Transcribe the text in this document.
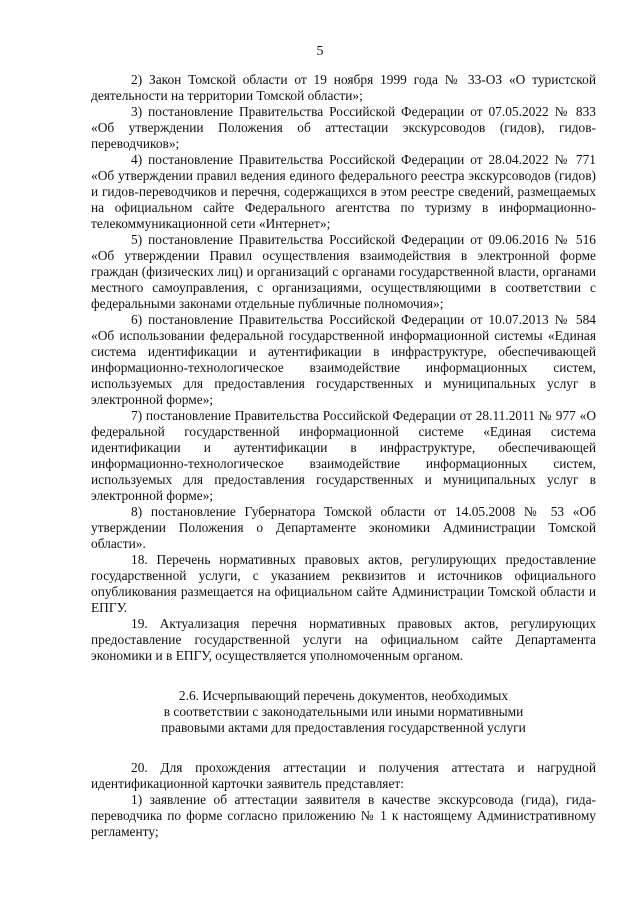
5

2) Закон Томской области от 19 ноября 1999 года № 33-ОЗ «О туристской деятельности на территории Томской области»;

3) постановление Правительства Российской Федерации от 07.05.2022 № 833 «Об утверждении Положения об аттестации экскурсоводов (гидов), гидов-переводчиков»;

4) постановление Правительства Российской Федерации от 28.04.2022 № 771 «Об утверждении правил ведения единого федерального реестра экскурсоводов (гидов) и гидов-переводчиков и перечня, содержащихся в этом реестре сведений, размещаемых на официальном сайте Федерального агентства по туризму в информационно-телекоммуникационной сети «Интернет»;

5) постановление Правительства Российской Федерации от 09.06.2016 № 516 «Об утверждении Правил осуществления взаимодействия в электронной форме граждан (физических лиц) и организаций с органами государственной власти, органами местного самоуправления, с организациями, осуществляющими в соответствии с федеральными законами отдельные публичные полномочия»;

6) постановление Правительства Российской Федерации от 10.07.2013 № 584 «Об использовании федеральной государственной информационной системы «Единая система идентификации и аутентификации в инфраструктуре, обеспечивающей информационно-технологическое взаимодействие информационных систем, используемых для предоставления государственных и муниципальных услуг в электронной форме»;

7) постановление Правительства Российской Федерации от 28.11.2011 № 977 «О федеральной государственной информационной системе «Единая система идентификации и аутентификации в инфраструктуре, обеспечивающей информационно-технологическое взаимодействие информационных систем, используемых для предоставления государственных и муниципальных услуг в электронной форме»;

8) постановление Губернатора Томской области от 14.05.2008 № 53 «Об утверждении Положения о Департаменте экономики Администрации Томской области».

18. Перечень нормативных правовых актов, регулирующих предоставление государственной услуги, с указанием реквизитов и источников официального опубликования размещается на официальном сайте Администрации Томской области и ЕПГУ.

19. Актуализация перечня нормативных правовых актов, регулирующих предоставление государственной услуги на официальном сайте Департамента экономики и в ЕПГУ, осуществляется уполномоченным органом.

2.6. Исчерпывающий перечень документов, необходимых
в соответствии с законодательными или иными нормативными
правовыми актами для предоставления государственной услуги

20. Для прохождения аттестации и получения аттестата и нагрудной идентификационной карточки заявитель представляет:

1) заявление об аттестации заявителя в качестве экскурсовода (гида), гида-переводчика по форме согласно приложению № 1 к настоящему Административному регламенту;
